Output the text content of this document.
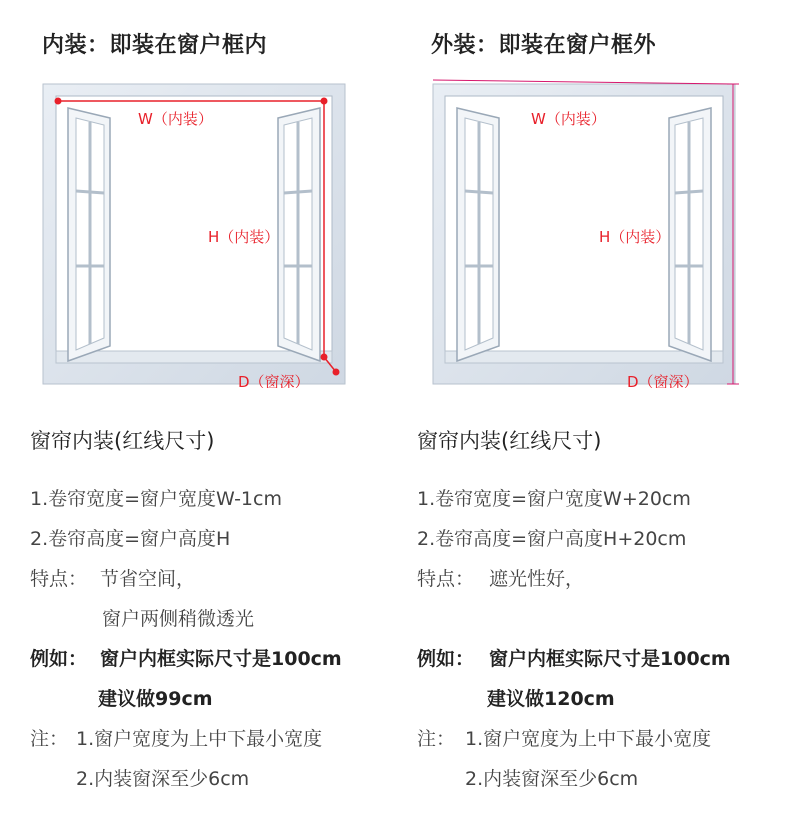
内装：即装在窗户框内
W（内装）
H（内装）
D（窗深）
窗帘内装(红线尺寸)
1.卷帘宽度=窗户宽度W-1cm
2.卷帘高度=窗户高度H
特点： 节省空间，
窗户两侧稍微透光
例如： 窗户内框实际尺寸是100cm
建议做99cm
注： 1.窗户宽度为上中下最小宽度
2.内装窗深至少6cm
外装：即装在窗户框外
W（内装）
H（内装）
D（窗深）
窗帘内装(红线尺寸)
1.卷帘宽度=窗户宽度W+20cm
2.卷帘高度=窗户高度H+20cm
特点： 遮光性好，
例如： 窗户内框实际尺寸是100cm
建议做120cm
注： 1.窗户宽度为上中下最小宽度
2.内装窗深至少6cm
